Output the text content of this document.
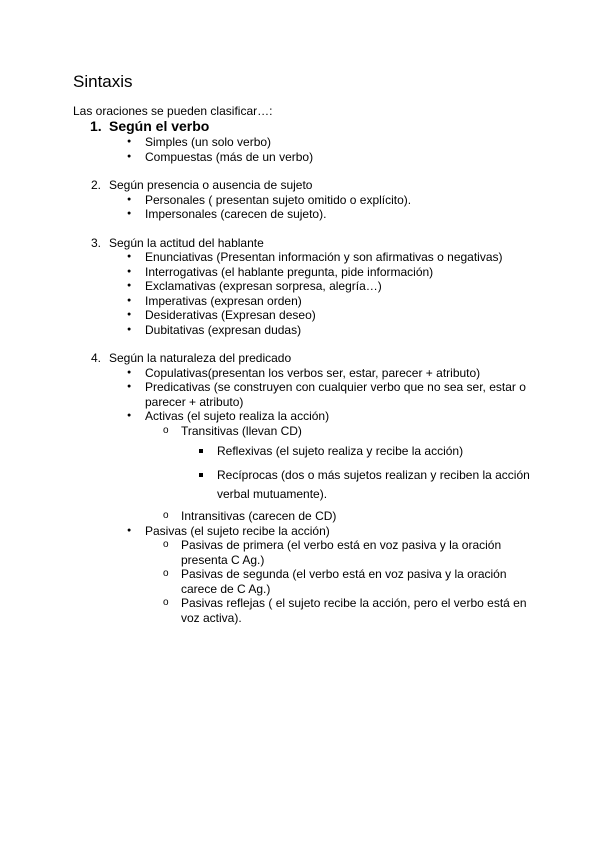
Sintaxis
Las oraciones se pueden clasificar…:
1. Según el verbo
● Simples (un solo verbo)
● Compuestas (más de un verbo)
2. Según presencia o ausencia de sujeto
● Personales ( presentan sujeto omitido o explícito).
● Impersonales (carecen de sujeto).
3. Según la actitud del hablante
● Enunciativas (Presentan información y son afirmativas o negativas)
● Interrogativas (el hablante pregunta, pide información)
● Exclamativas (expresan sorpresa, alegría…)
● Imperativas (expresan orden)
● Desiderativas (Expresan deseo)
● Dubitativas (expresan dudas)
4. Según la naturaleza del predicado
● Copulativas(presentan los verbos ser, estar, parecer + atributo)
● Predicativas (se construyen con cualquier verbo que no sea ser, estar o parecer + atributo)
● Activas (el sujeto realiza la acción)
o Transitivas (llevan CD)
Reflexivas (el sujeto realiza y recibe la acción)
Recíprocas (dos o más sujetos realizan y reciben la acción verbal mutuamente).
o Intransitivas (carecen de CD)
● Pasivas (el sujeto recibe la acción)
o Pasivas de primera (el verbo está en voz pasiva y la oración presenta C Ag.)
o Pasivas de segunda (el verbo está en voz pasiva y la oración carece de C Ag.)
o Pasivas reflejas ( el sujeto recibe la acción, pero el verbo está en voz activa).
